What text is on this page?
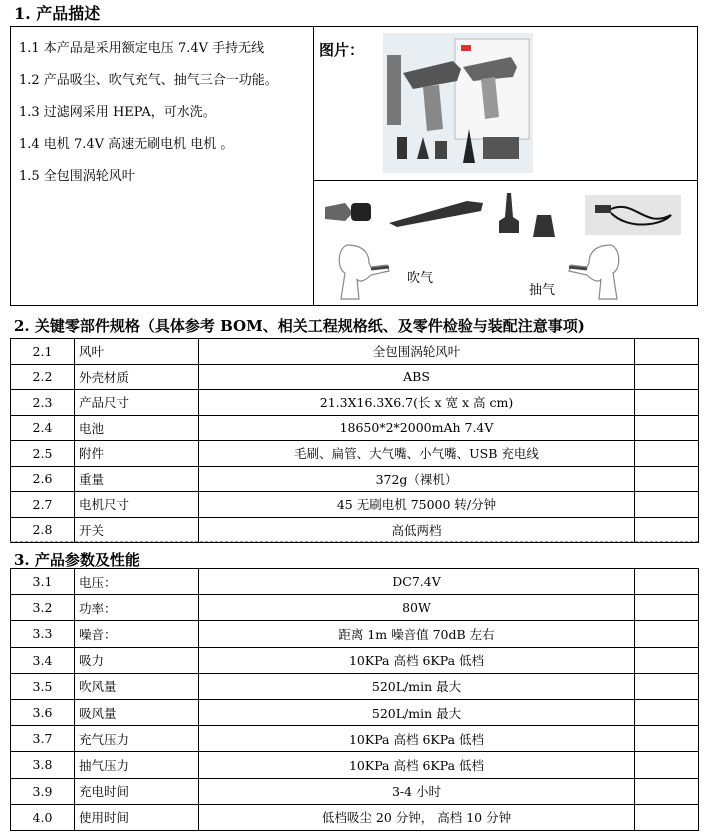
1. 产品描述
1.1 本产品是采用额定电压 7.4V 手持无线
1.2 产品吸尘、吹气充气、抽气三合一功能。
1.3 过滤网采用 HEPA，可水洗。
1.4 电机 7.4V 高速无刷电机 电机 。
1.5 全包围涡轮风叶
图片：
吹气
抽气
2. 关键零部件规格（具体参考 BOM、相关工程规格纸、及零件检验与装配注意事项)
2.1	风叶	全包围涡轮风叶	
2.2	外壳材质	ABS	
2.3	产品尺寸	21.3X16.3X6.7(长 x 宽 x 高 cm)	
2.4	电池	18650*2*2000mAh 7.4V	
2.5	附件	毛刷、扁管、大气嘴、小气嘴、USB 充电线	
2.6	重量	372g（裸机）	
2.7	电机尺寸	45 无刷电机 75000 转/分钟	
2.8	开关	高低两档	
3. 产品参数及性能
3.1	电压：	DC7.4V	
3.2	功率：	80W	
3.3	噪音：	距离 1m 噪音值 70dB 左右	
3.4	吸力	10KPa 高档 6KPa 低档	
3.5	吹风量	520L/min 最大	
3.6	吸风量	520L/min 最大	
3.7	充气压力	10KPa 高档 6KPa 低档	
3.8	抽气压力	10KPa 高档 6KPa 低档	
3.9	充电时间	3-4 小时	
4.0	使用时间	低档吸尘 20 分钟， 高档 10 分钟	
